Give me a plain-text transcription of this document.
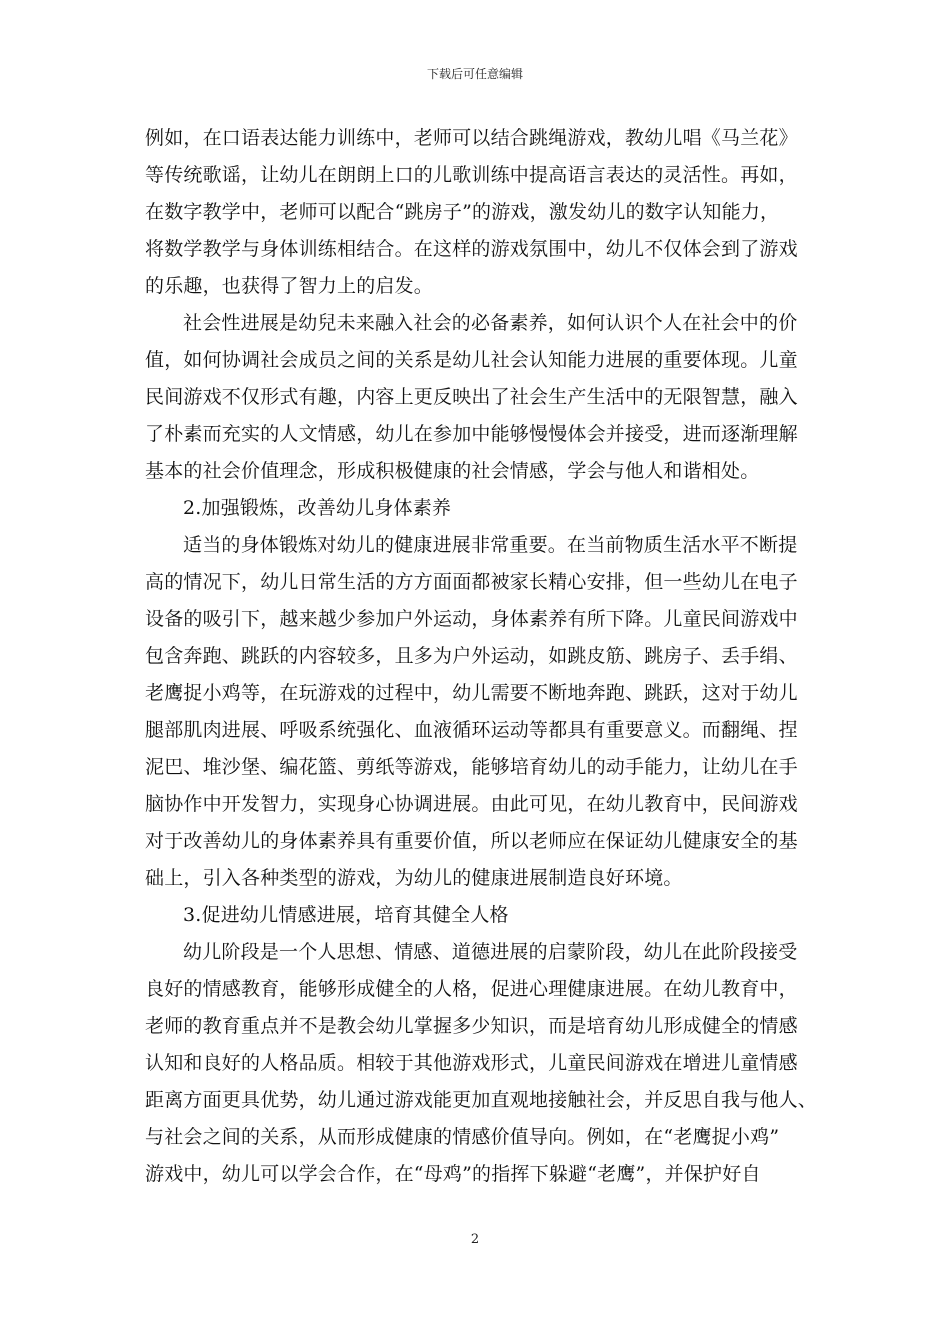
下载后可任意编辑
例如，在口语表达能力训练中，老师可以结合跳绳游戏，教幼儿唱《马兰花》
等传统歌谣，让幼儿在朗朗上口的儿歌训练中提高语言表达的灵活性。再如，
在数字教学中，老师可以配合“跳房子”的游戏，激发幼儿的数字认知能力，
将数学教学与身体训练相结合。在这样的游戏氛围中，幼儿不仅体会到了游戏
的乐趣，也获得了智力上的启发。
社会性进展是幼兒未来融入社会的必备素养，如何认识个人在社会中的价
值，如何协调社会成员之间的关系是幼儿社会认知能力进展的重要体现。儿童
民间游戏不仅形式有趣，内容上更反映出了社会生产生活中的无限智慧，融入
了朴素而充实的人文情感，幼儿在参加中能够慢慢体会并接受，进而逐渐理解
基本的社会价值理念，形成积极健康的社会情感，学会与他人和谐相处。
2.加强锻炼，改善幼儿身体素养
适当的身体锻炼对幼儿的健康进展非常重要。在当前物质生活水平不断提
高的情况下，幼儿日常生活的方方面面都被家长精心安排，但一些幼儿在电子
设备的吸引下，越来越少参加户外运动，身体素养有所下降。儿童民间游戏中
包含奔跑、跳跃的内容较多，且多为户外运动，如跳皮筋、跳房子、丢手绢、
老鹰捉小鸡等，在玩游戏的过程中，幼儿需要不断地奔跑、跳跃，这对于幼儿
腿部肌肉进展、呼吸系统强化、血液循环运动等都具有重要意义。而翻绳、捏
泥巴、堆沙堡、编花篮、剪纸等游戏，能够培育幼儿的动手能力，让幼儿在手
脑协作中开发智力，实现身心协调进展。由此可见，在幼儿教育中，民间游戏
对于改善幼儿的身体素养具有重要价值，所以老师应在保证幼儿健康安全的基
础上，引入各种类型的游戏，为幼儿的健康进展制造良好环境。
3.促进幼儿情感进展，培育其健全人格
幼儿阶段是一个人思想、情感、道德进展的启蒙阶段，幼儿在此阶段接受
良好的情感教育，能够形成健全的人格，促进心理健康进展。在幼儿教育中，
老师的教育重点并不是教会幼儿掌握多少知识，而是培育幼儿形成健全的情感
认知和良好的人格品质。相较于其他游戏形式，儿童民间游戏在增进儿童情感
距离方面更具优势，幼儿通过游戏能更加直观地接触社会，并反思自我与他人、
与社会之间的关系，从而形成健康的情感价值导向。例如，在“老鹰捉小鸡”
游戏中，幼儿可以学会合作，在“母鸡”的指挥下躲避“老鹰”，并保护好自
2
